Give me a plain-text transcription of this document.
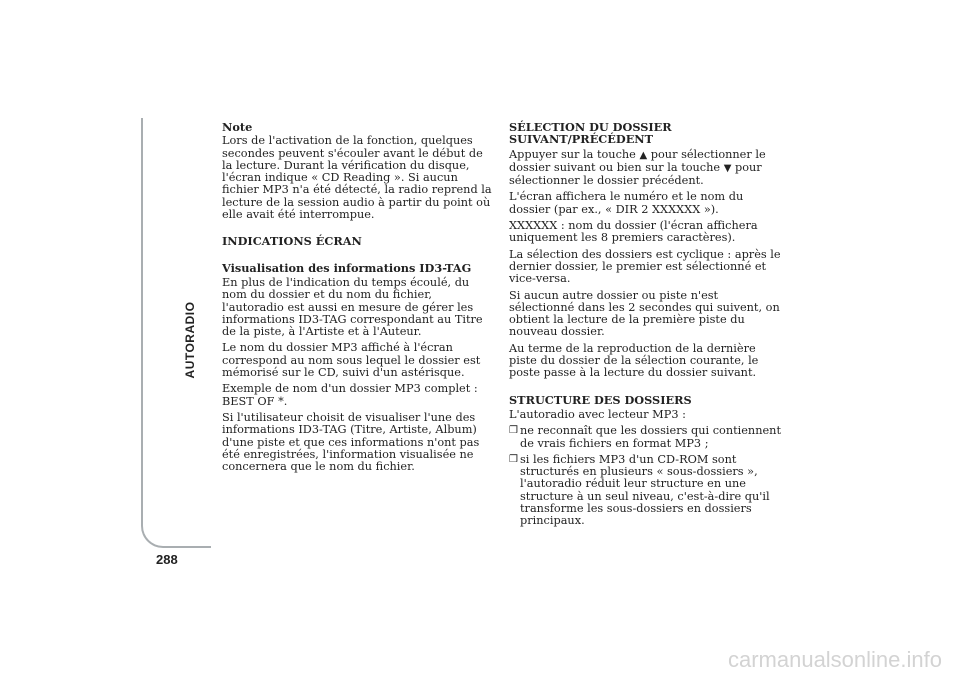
AUTORADIO
288

Note

Lors de l'activation de la fonction, quelques secondes peuvent s'écouler avant le début de la lecture. Durant la vérification du disque, l'écran indique « CD Reading ». Si aucun fichier MP3 n'a été détecté, la radio reprend la lecture de la session audio à partir du point où elle avait été interrompue.

INDICATIONS ÉCRAN
Visualisation des informations ID3-TAG

En plus de l'indication du temps écoulé, du nom du dossier et du nom du fichier, l'autoradio est aussi en mesure de gérer les informations ID3-TAG correspondant au Titre de la piste, à l'Artiste et à l'Auteur.

Le nom du dossier MP3 affiché à l'écran correspond au nom sous lequel le dossier est mémorisé sur le CD, suivi d'un astérisque.

Exemple de nom d'un dossier MP3 complet : BEST OF *.

Si l'utilisateur choisit de visualiser l'une des informations ID3-TAG (Titre, Artiste, Album) d'une piste et que ces informations n'ont pas été enregistrées, l'information visualisée ne concernera que le nom du fichier.

SÉLECTION DU DOSSIER SUIVANT/PRÉCÉDENT

Appuyer sur la touche ▲ pour sélectionner le dossier suivant ou bien sur la touche ▼ pour sélectionner le dossier précédent.

L'écran affichera le numéro et le nom du dossier (par ex., « DIR 2 XXXXXX »).

XXXXXX : nom du dossier (l'écran affichera uniquement les 8 premiers caractères).

La sélection des dossiers est cyclique : après le dernier dossier, le premier est sélectionné et vice-versa.

Si aucun autre dossier ou piste n'est sélectionné dans les 2 secondes qui suivent, on obtient la lecture de la première piste du nouveau dossier.

Au terme de la reproduction de la dernière piste du dossier de la sélection courante, le poste passe à la lecture du dossier suivant.

STRUCTURE DES DOSSIERS

L'autoradio avec lecteur MP3 :

❒ ne reconnaît que les dossiers qui contiennent de vrais fichiers en format MP3 ;
❒ si les fichiers MP3 d'un CD-ROM sont structurés en plusieurs « sous-dossiers », l'autoradio réduit leur structure en une structure à un seul niveau, c'est-à-dire qu'il transforme les sous-dossiers en dossiers principaux.
carmanualsonline.info
